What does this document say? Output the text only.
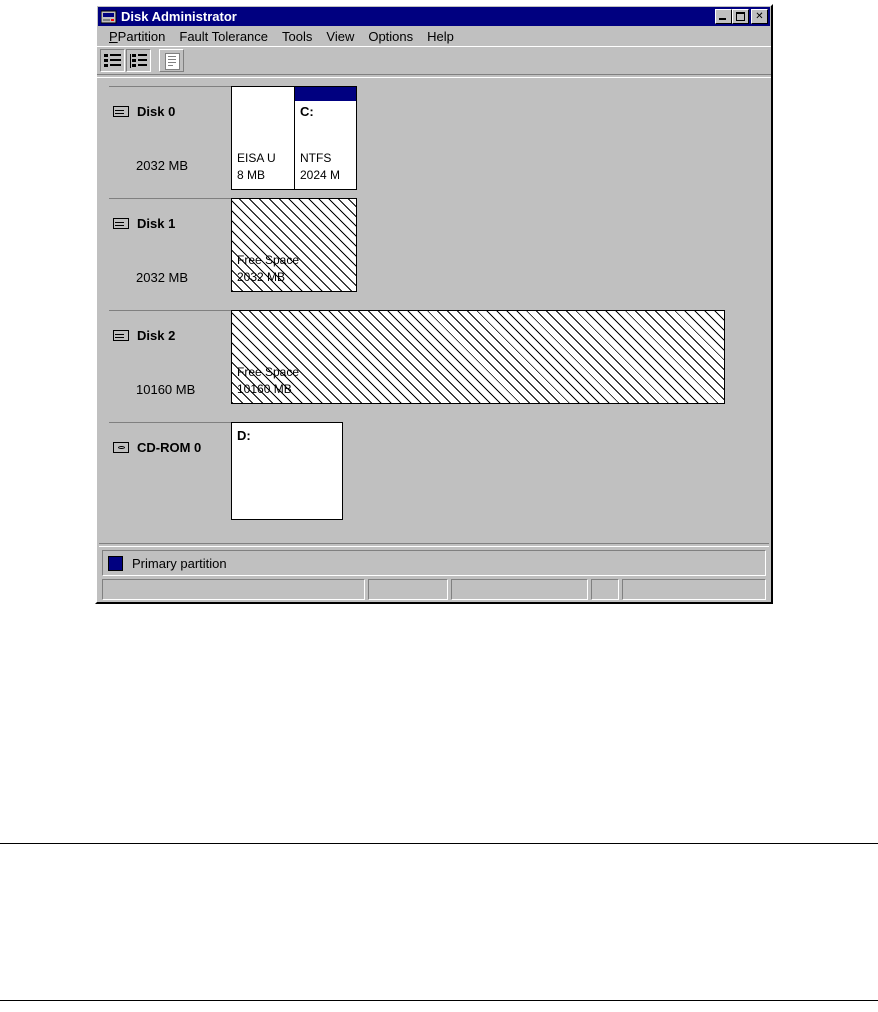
Disk Administrator	✕
PPartition	Fault Tolerance	Tools	View	Options	Help
Disk 0
2032 MB	EISA U
8 MB
C:
NTFS
2024 M
Disk 1
2032 MB
Free Space
2032 MB
Disk 2
10160 MB
Free Space
10160 MB
CD-ROM 0
D:
Primary partition
